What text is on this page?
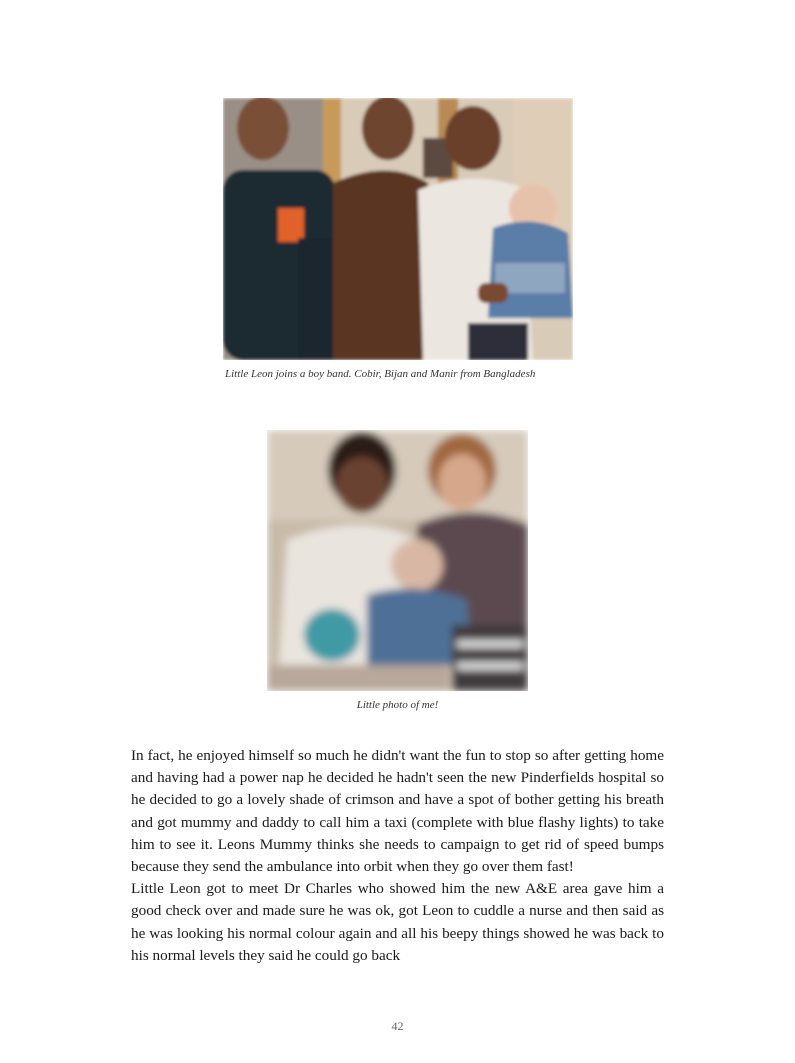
Little Leon joins a boy band. Cobir, Bijan and Manir from Bangladesh
Little photo of me!

In fact, he enjoyed himself so much he didn't want the fun to stop so after getting home and having had a power nap he decided he hadn't seen the new Pinderfields hospital so he decided to go a lovely shade of crimson and have a spot of bother getting his breath and got mummy and daddy to call him a taxi (complete with blue flashy lights) to take him to see it. Leons Mummy thinks she needs to campaign to get rid of speed bumps because they send the ambulance into orbit when they go over them fast!

Little Leon got to meet Dr Charles who showed him the new A&E area gave him a good check over and made sure he was ok, got Leon to cuddle a nurse and then said as he was looking his normal colour again and all his beepy things showed he was back to his normal levels they said he could go back

42
